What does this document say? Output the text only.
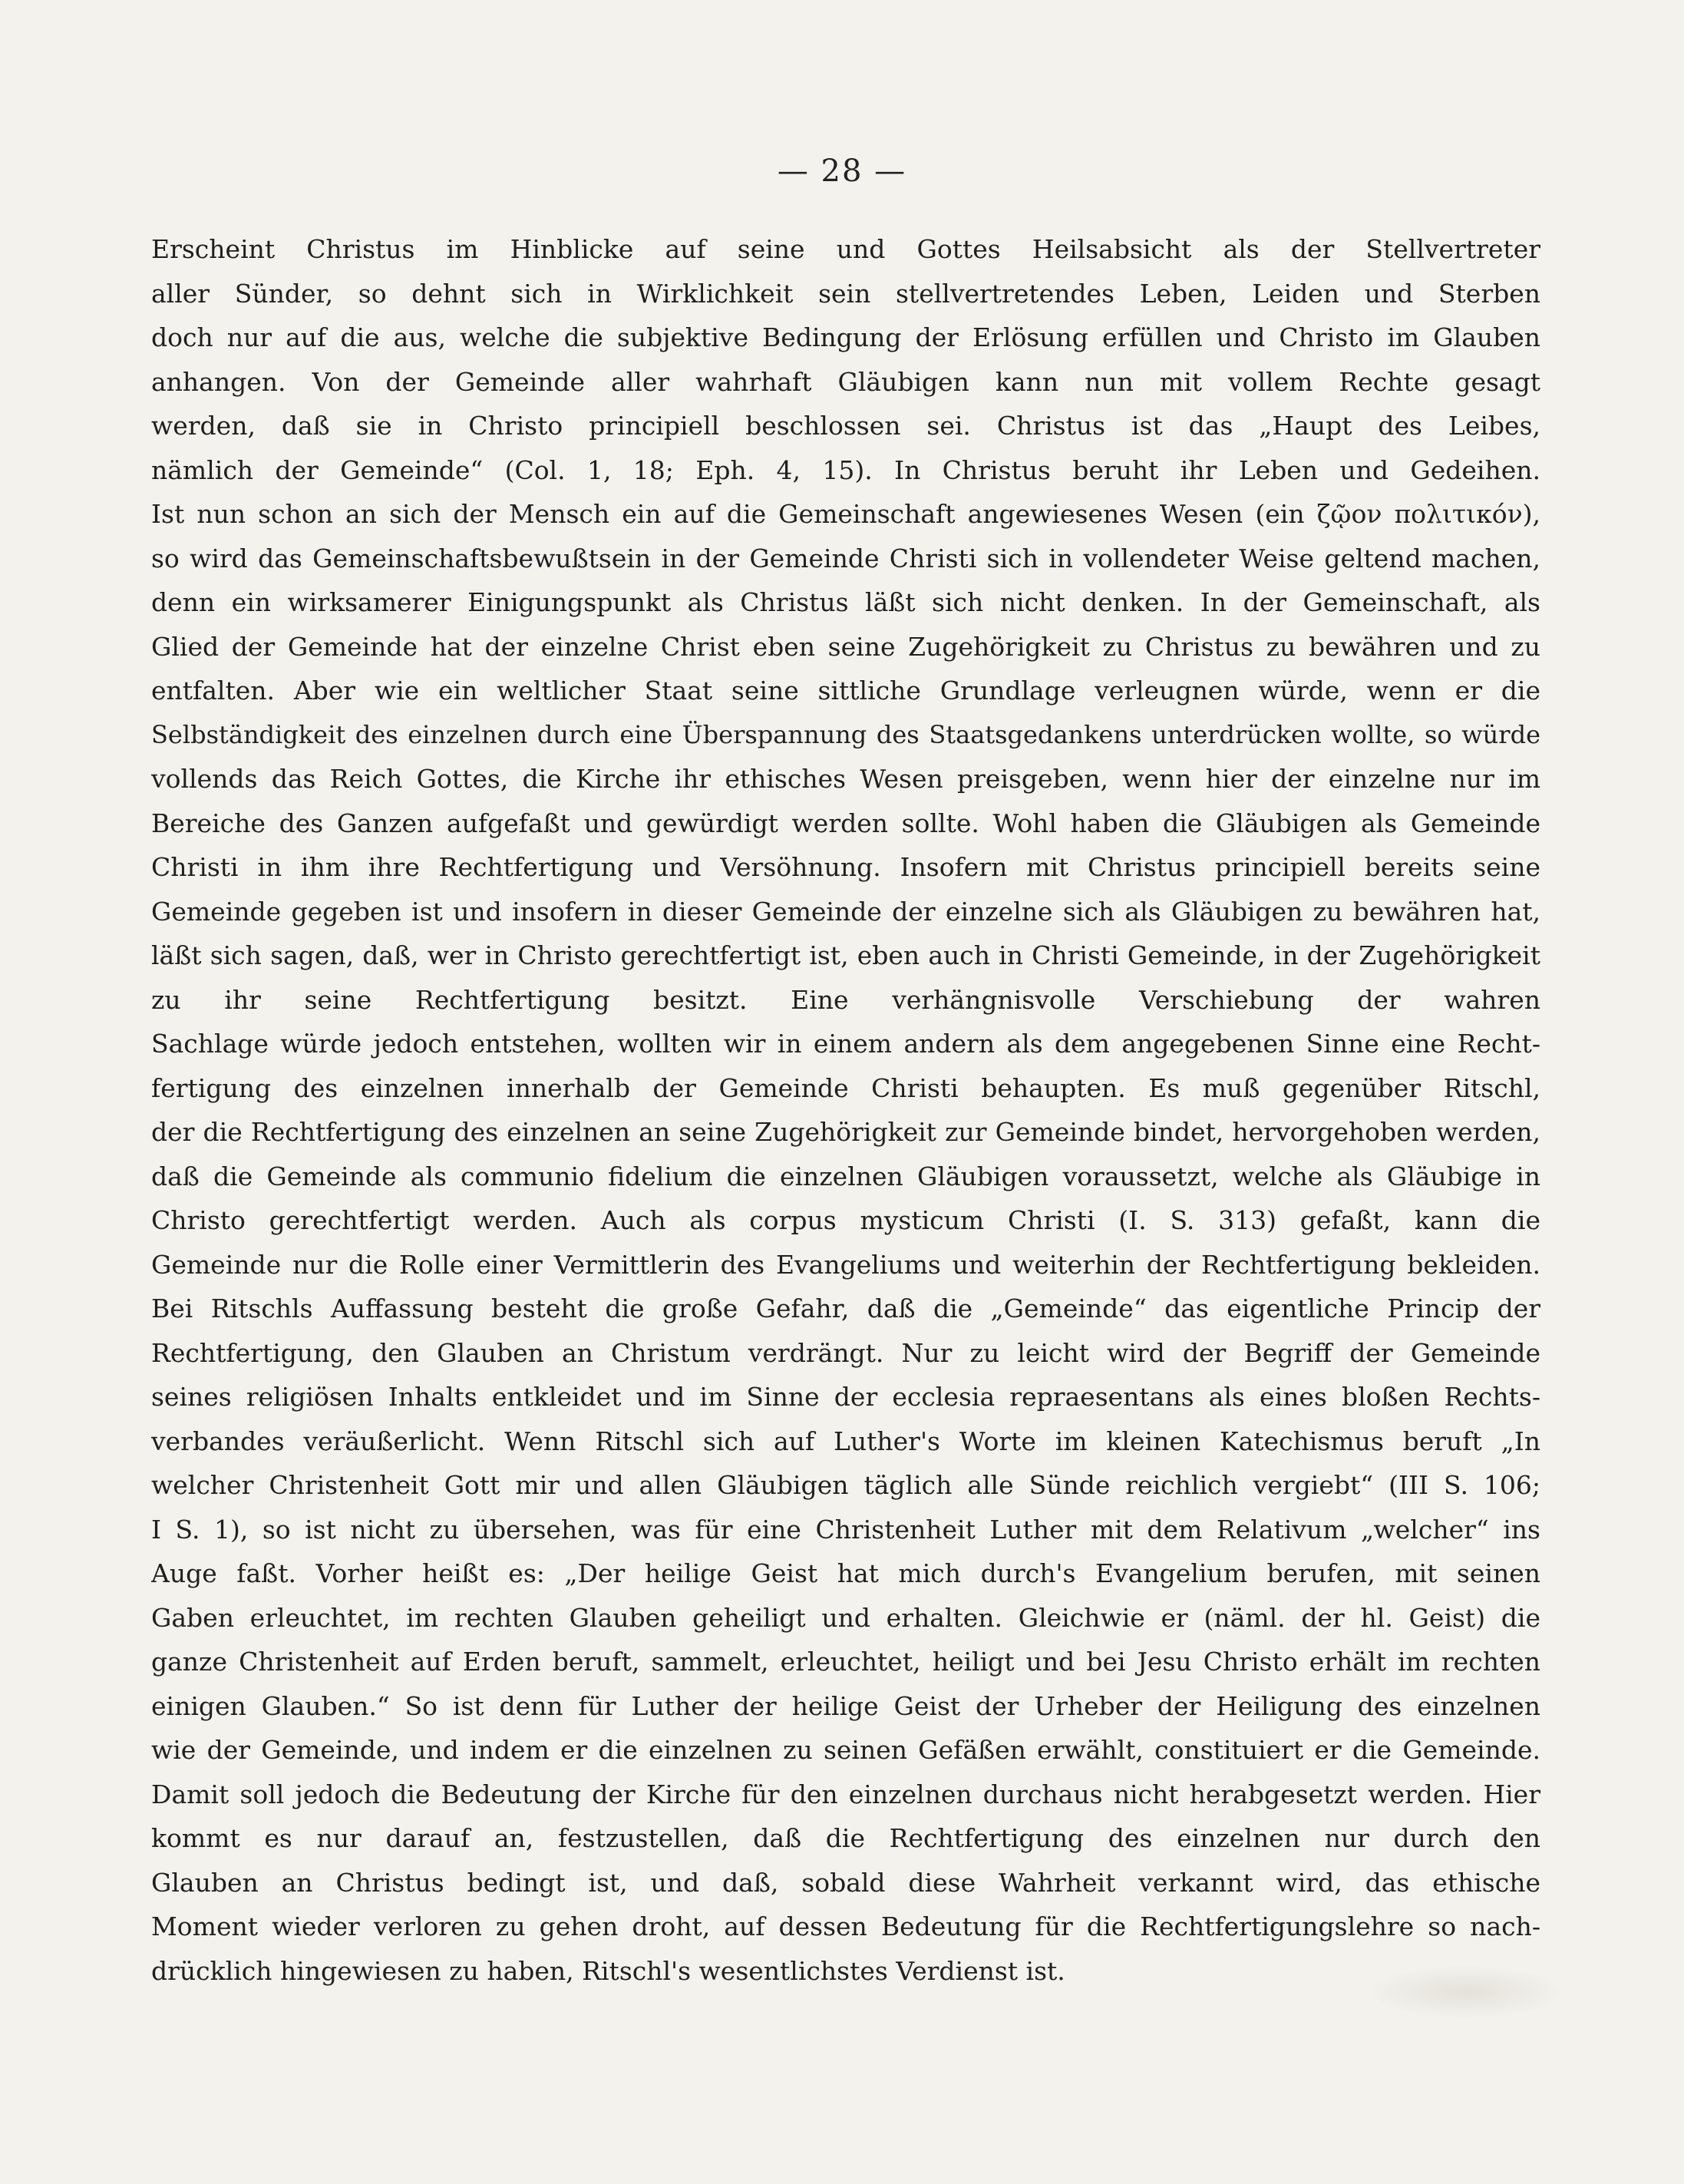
— 28 —
Erscheint Christus im Hinblicke auf seine und Gottes Heilsabsicht als der Stellvertreter
aller Sünder, so dehnt sich in Wirklichkeit sein stellvertretendes Leben, Leiden und Sterben
doch nur auf die aus, welche die subjektive Bedingung der Erlösung erfüllen und Christo im Glauben
anhangen. Von der Gemeinde aller wahrhaft Gläubigen kann nun mit vollem Rechte gesagt
werden, daß sie in Christo principiell beschlossen sei. Christus ist das „Haupt des Leibes,
nämlich der Gemeinde“ (Col. 1, 18; Eph. 4, 15). In Christus beruht ihr Leben und Gedeihen.
Ist nun schon an sich der Mensch ein auf die Gemeinschaft angewiesenes Wesen (ein ζῷον πολιτικόν),
so wird das Gemeinschaftsbewußtsein in der Gemeinde Christi sich in vollendeter Weise geltend machen,
denn ein wirksamerer Einigungspunkt als Christus läßt sich nicht denken. In der Gemeinschaft, als
Glied der Gemeinde hat der einzelne Christ eben seine Zugehörigkeit zu Christus zu bewähren und zu
entfalten. Aber wie ein weltlicher Staat seine sittliche Grundlage verleugnen würde, wenn er die
Selbständigkeit des einzelnen durch eine Überspannung des Staatsgedankens unterdrücken wollte, so würde
vollends das Reich Gottes, die Kirche ihr ethisches Wesen preisgeben, wenn hier der einzelne nur im
Bereiche des Ganzen aufgefaßt und gewürdigt werden sollte. Wohl haben die Gläubigen als Gemeinde
Christi in ihm ihre Rechtfertigung und Versöhnung. Insofern mit Christus principiell bereits seine
Gemeinde gegeben ist und insofern in dieser Gemeinde der einzelne sich als Gläubigen zu bewähren hat,
läßt sich sagen, daß, wer in Christo gerechtfertigt ist, eben auch in Christi Gemeinde, in der Zugehörigkeit
zu ihr seine Rechtfertigung besitzt. Eine verhängnisvolle Verschiebung der wahren
Sachlage würde jedoch entstehen, wollten wir in einem andern als dem angegebenen Sinne eine Recht-
fertigung des einzelnen innerhalb der Gemeinde Christi behaupten. Es muß gegenüber Ritschl,
der die Rechtfertigung des einzelnen an seine Zugehörigkeit zur Gemeinde bindet, hervorgehoben werden,
daß die Gemeinde als communio fidelium die einzelnen Gläubigen voraussetzt, welche als Gläubige in
Christo gerechtfertigt werden. Auch als corpus mysticum Christi (I. S. 313) gefaßt, kann die
Gemeinde nur die Rolle einer Vermittlerin des Evangeliums und weiterhin der Rechtfertigung bekleiden.
Bei Ritschls Auffassung besteht die große Gefahr, daß die „Gemeinde“ das eigentliche Princip der
Rechtfertigung, den Glauben an Christum verdrängt. Nur zu leicht wird der Begriff der Gemeinde
seines religiösen Inhalts entkleidet und im Sinne der ecclesia repraesentans als eines bloßen Rechts-
verbandes veräußerlicht. Wenn Ritschl sich auf Luther's Worte im kleinen Katechismus beruft „In
welcher Christenheit Gott mir und allen Gläubigen täglich alle Sünde reichlich vergiebt“ (III S. 106;
I S. 1), so ist nicht zu übersehen, was für eine Christenheit Luther mit dem Relativum „welcher“ ins
Auge faßt. Vorher heißt es: „Der heilige Geist hat mich durch's Evangelium berufen, mit seinen
Gaben erleuchtet, im rechten Glauben geheiligt und erhalten. Gleichwie er (näml. der hl. Geist) die
ganze Christenheit auf Erden beruft, sammelt, erleuchtet, heiligt und bei Jesu Christo erhält im rechten
einigen Glauben.“ So ist denn für Luther der heilige Geist der Urheber der Heiligung des einzelnen
wie der Gemeinde, und indem er die einzelnen zu seinen Gefäßen erwählt, constituiert er die Gemeinde.
Damit soll jedoch die Bedeutung der Kirche für den einzelnen durchaus nicht herabgesetzt werden. Hier
kommt es nur darauf an, festzustellen, daß die Rechtfertigung des einzelnen nur durch den
Glauben an Christus bedingt ist, und daß, sobald diese Wahrheit verkannt wird, das ethische
Moment wieder verloren zu gehen droht, auf dessen Bedeutung für die Rechtfertigungslehre so nach-
drücklich hingewiesen zu haben, Ritschl's wesentlichstes Verdienst ist.
